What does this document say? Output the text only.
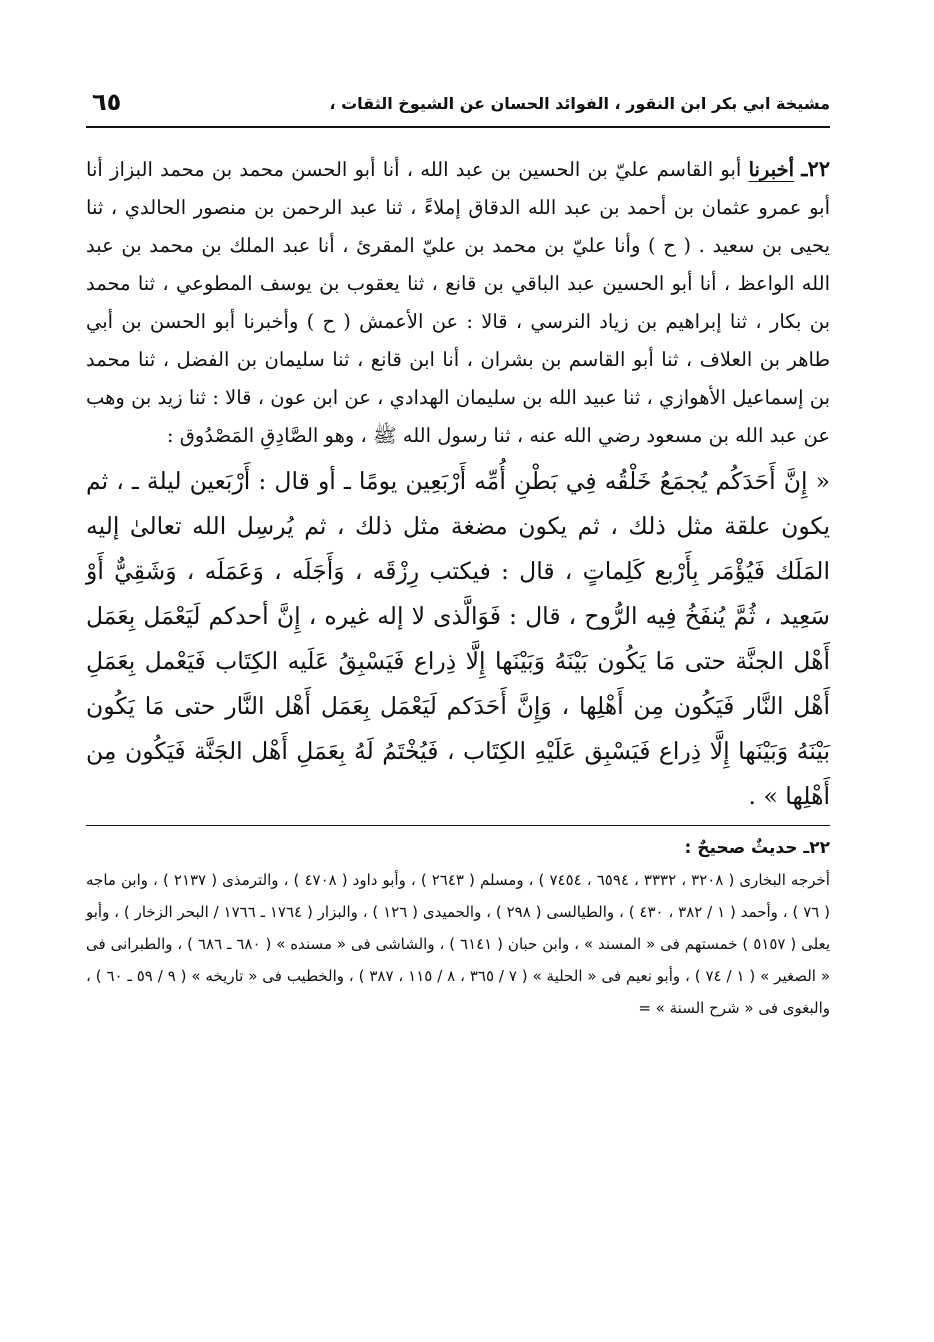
مشيخة ابي بكر ابن النقور ، الفوائد الحسان عن الشيوخ الثقات ،
٦٥
٢٢ـ أخبرنا أبو القاسم عليّ بن الحسين بن عبد الله ، أنا أبو الحسن محمد بن محمد البزاز أنا أبو عمرو عثمان بن أحمد بن عبد الله الدقاق إملاءً ، ثنا عبد الرحمن بن منصور الحالدي ، ثنا يحيى بن سعيد . ( ح ) وأنا عليّ بن محمد بن عليّ المقرئ ، أنا عبد الملك بن محمد بن عبد الله الواعظ ، أنا أبو الحسين عبد الباقي بن قانع ، ثنا يعقوب بن يوسف المطوعي ، ثنا محمد بن بكار ، ثنا إبراهيم بن زياد النرسي ، قالا : عن الأعمش ( ح ) وأخبرنا أبو الحسن بن أبي طاهر بن العلاف ، ثنا أبو القاسم بن بشران ، أنا ابن قانع ، ثنا سليمان بن الفضل ، ثنا محمد بن إسماعيل الأهوازي ، ثنا عبيد الله بن سليمان الهدادي ، عن ابن عون ، قالا : ثنا زيد بن وهب عن عبد الله بن مسعود رضي الله عنه ، ثنا رسول الله ﷺ ، وهو الصَّادِقِ المَصْدُوق :
« إِنَّ أَحَدَكُم يُجمَعُ خَلْقُه فِي بَطْنِ أُمِّه أَرْبَعِين يومًا ـ أو قال : أَرْبَعين ليلة ـ ، ثم يكون علقة مثل ذلك ، ثم يكون مضغة مثل ذلك ، ثم يُرسِل الله تعالىٰ إليه المَلَك فَيُؤْمَر بِأَرْبع كَلِماتٍ ، قال : فيكتب رِزْقَه ، وَأَجَلَه ، وَعَمَلَه ، وَشَقِيٌّ أَوْ سَعِيد ، ثُمَّ يُنفَخُ فِيه الرُّوح ، قال : فَوَالَّذى لا إله غيره ، إِنَّ أحدكم لَيَعْمَل بِعَمَل أَهْل الجنَّة حتى مَا يَكُون بَيْنَهُ وَبَيْنَها إِلَّا ذِراع فَيَسْبِقُ عَلَيه الكِتَاب فَيَعْمل بِعَمَلِ أَهْل النَّار فَيَكُون مِن أَهْلِها ، وَإِنَّ أَحَدَكم لَيَعْمَل بِعَمَل أَهْل النَّار حتى مَا يَكُون بَيْنَهُ وَبَيْنَها إِلَّا ذِراع فَيَسْبِق عَلَيْهِ الكِتَاب ، فَيُخْتَمُ لَهُ بِعَمَلِ أَهْل الجَنَّة فَيَكُون مِن أَهْلِها » .
٢٢ـ حديثٌ صحيحٌ :
أخرجه البخارى ( ٣٢٠٨ ، ٣٣٣٢ ، ٦٥٩٤ ، ٧٤٥٤ ) ، ومسلم ( ٢٦٤٣ ) ، وأبو داود ( ٤٧٠٨ ) ، والترمذى ( ٢١٣٧ ) ، وابن ماجه ( ٧٦ ) ، وأحمد ( ١ / ٣٨٢ ، ٤٣٠ ) ، والطيالسى ( ٢٩٨ ) ، والحميدى ( ١٢٦ ) ، والبزار ( ١٧٦٤ ـ ١٧٦٦ / البحر الزخار ) ، وأبو يعلى ( ٥١٥٧ ) خمستهم فى « المسند » ، وابن حبان ( ٦١٤١ ) ، والشاشى فى « مسنده » ( ٦٨٠ ـ ٦٨٦ ) ، والطبرانى فى « الصغير » ( ١ / ٧٤ ) ، وأبو نعيم فى « الحلية » ( ٧ / ٣٦٥ ، ٨ / ١١٥ ، ٣٨٧ ) ، والخطيب فى « تاريخه » ( ٩ / ٥٩ ـ ٦٠ ) ، والبغوى فى « شرح السنة » =
